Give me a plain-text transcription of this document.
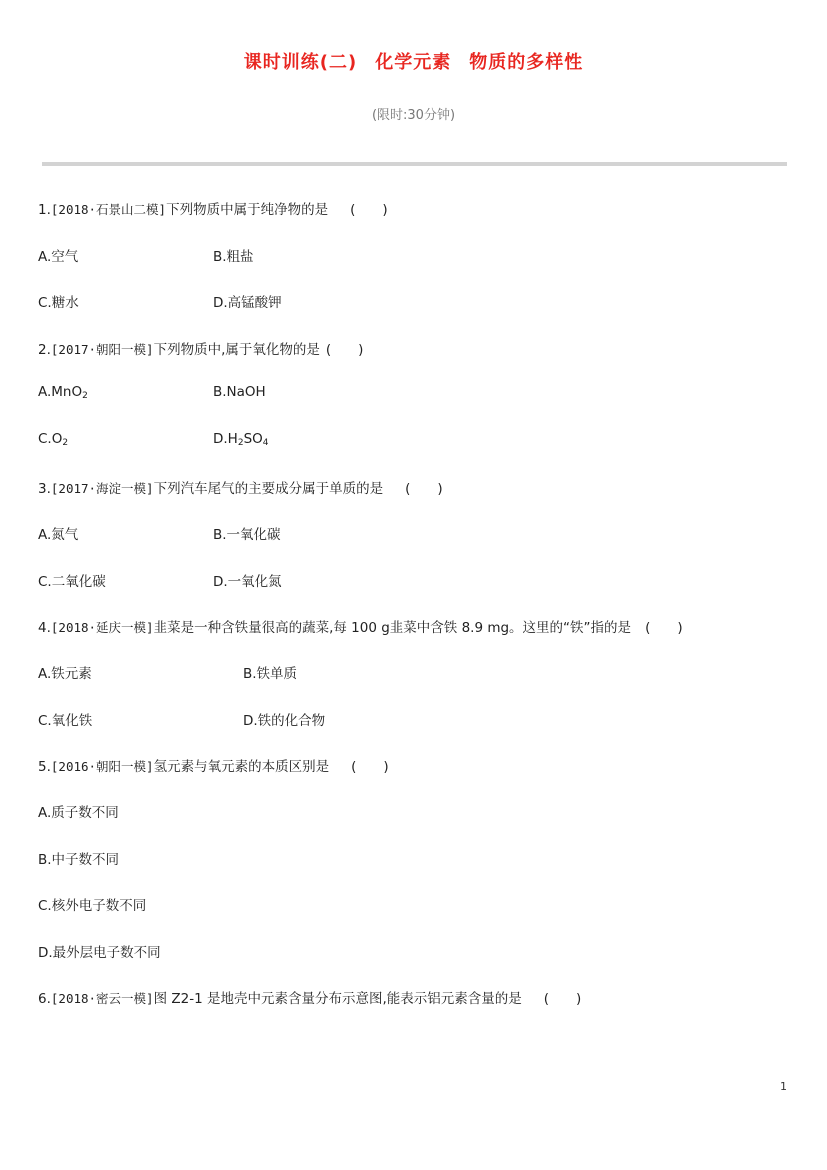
课时训练(二) 化学元素 物质的多样性
(限时:30分钟)
1.[2018·石景山二模]下列物质中属于纯净物的是 (　　)
A.空气	B.粗盐
C.糖水	D.高锰酸钾
2.[2017·朝阳一模]下列物质中,属于氧化物的是 (　　)
A.MnO$_2$	B.NaOH
$C.O_2$	$D.H_2SO_4$
3.[2017·海淀一模]下列汽车尾气的主要成分属于单质的是 (　　)
A.氮气	B.一氧化碳
C.二氧化碳	D.一氧化氮
4.[2018·延庆一模]韭菜是一种含铁量很高的蔬菜,每 100 g韭菜中含铁 8.9 mg。这里的“铁”指的是 (　　)
A.铁元素	B.铁单质
C.氧化铁	D.铁的化合物
5.[2016·朝阳一模]氢元素与氧元素的本质区别是 (　　)
A.质子数不同
B.中子数不同
C.核外电子数不同
D.最外层电子数不同
6.[2018·密云一模]图 Z2-1 是地壳中元素含量分布示意图,能表示铝元素含量的是 (　　)
1
